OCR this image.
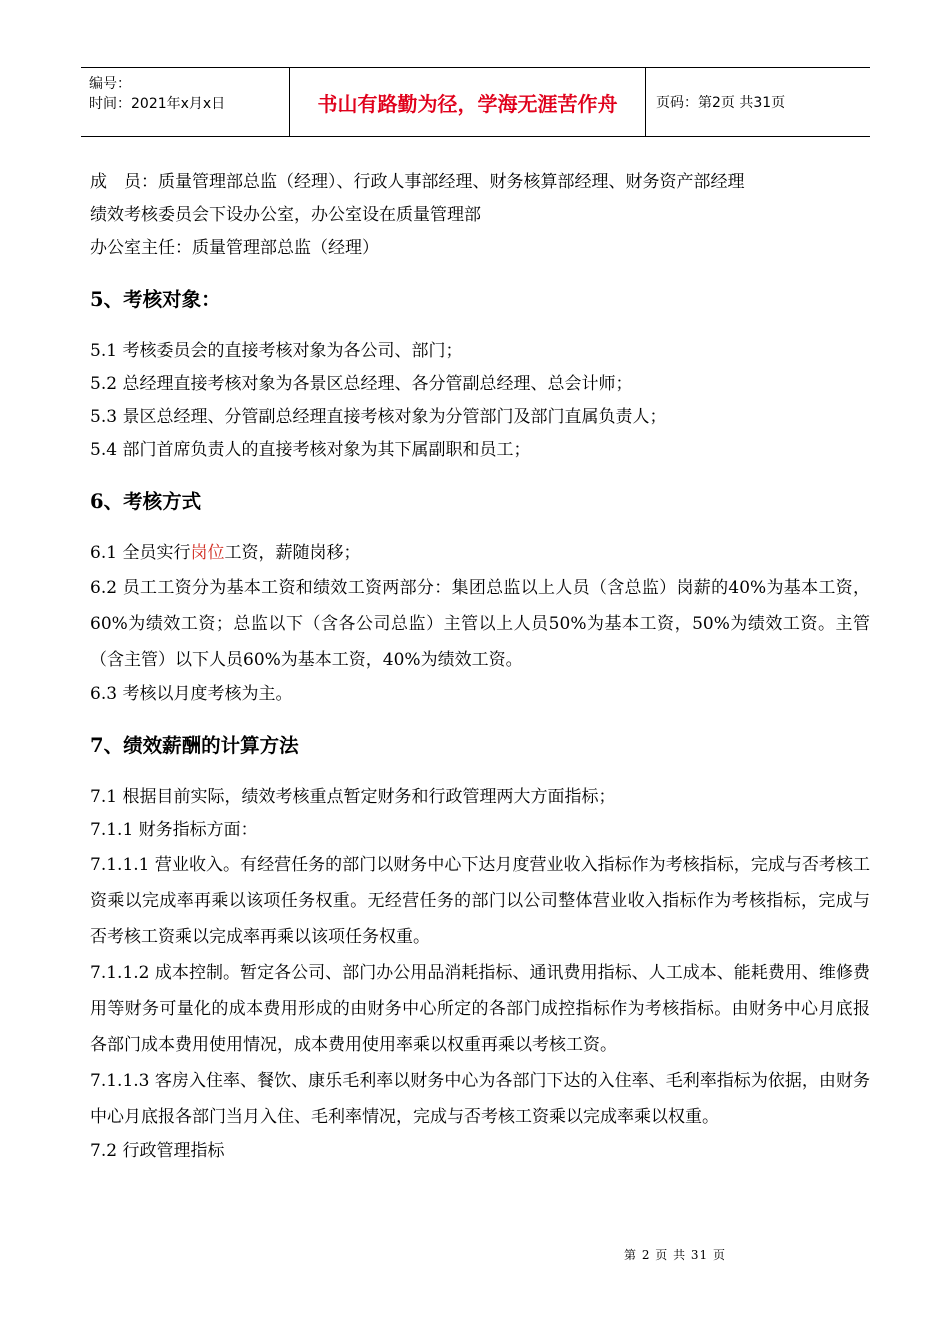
编号：
时间：2021年x月x日	书山有路勤为径，学海无涯苦作舟	页码：第2页 共31页

成　员：质量管理部总监（经理）、行政人事部经理、财务核算部经理、财务资产部经理

绩效考核委员会下设办公室，办公室设在质量管理部

办公室主任：质量管理部总监（经理）

5、考核对象：

5.1 考核委员会的直接考核对象为各公司、部门；

5.2 总经理直接考核对象为各景区总经理、各分管副总经理、总会计师；

5.3 景区总经理、分管副总经理直接考核对象为分管部门及部门直属负责人；

5.4 部门首席负责人的直接考核对象为其下属副职和员工；

6、考核方式

6.1 全员实行岗位工资，薪随岗移；

6.2 员工工资分为基本工资和绩效工资两部分：集团总监以上人员（含总监）岗薪的40%为基本工资，60%为绩效工资；总监以下（含各公司总监）主管以上人员50%为基本工资，50%为绩效工资。主管（含主管）以下人员60%为基本工资，40%为绩效工资。

6.3 考核以月度考核为主。

7、绩效薪酬的计算方法

7.1 根据目前实际，绩效考核重点暂定财务和行政管理两大方面指标；

7.1.1 财务指标方面：

7.1.1.1 营业收入。有经营任务的部门以财务中心下达月度营业收入指标作为考核指标，完成与否考核工资乘以完成率再乘以该项任务权重。无经营任务的部门以公司整体营业收入指标作为考核指标，完成与否考核工资乘以完成率再乘以该项任务权重。

7.1.1.2 成本控制。暂定各公司、部门办公用品消耗指标、通讯费用指标、人工成本、能耗费用、维修费用等财务可量化的成本费用形成的由财务中心所定的各部门成控指标作为考核指标。由财务中心月底报各部门成本费用使用情况，成本费用使用率乘以权重再乘以考核工资。

7.1.1.3 客房入住率、餐饮、康乐毛利率以财务中心为各部门下达的入住率、毛利率指标为依据，由财务中心月底报各部门当月入住、毛利率情况，完成与否考核工资乘以完成率乘以权重。

7.2 行政管理指标

第 2 页 共 31 页
